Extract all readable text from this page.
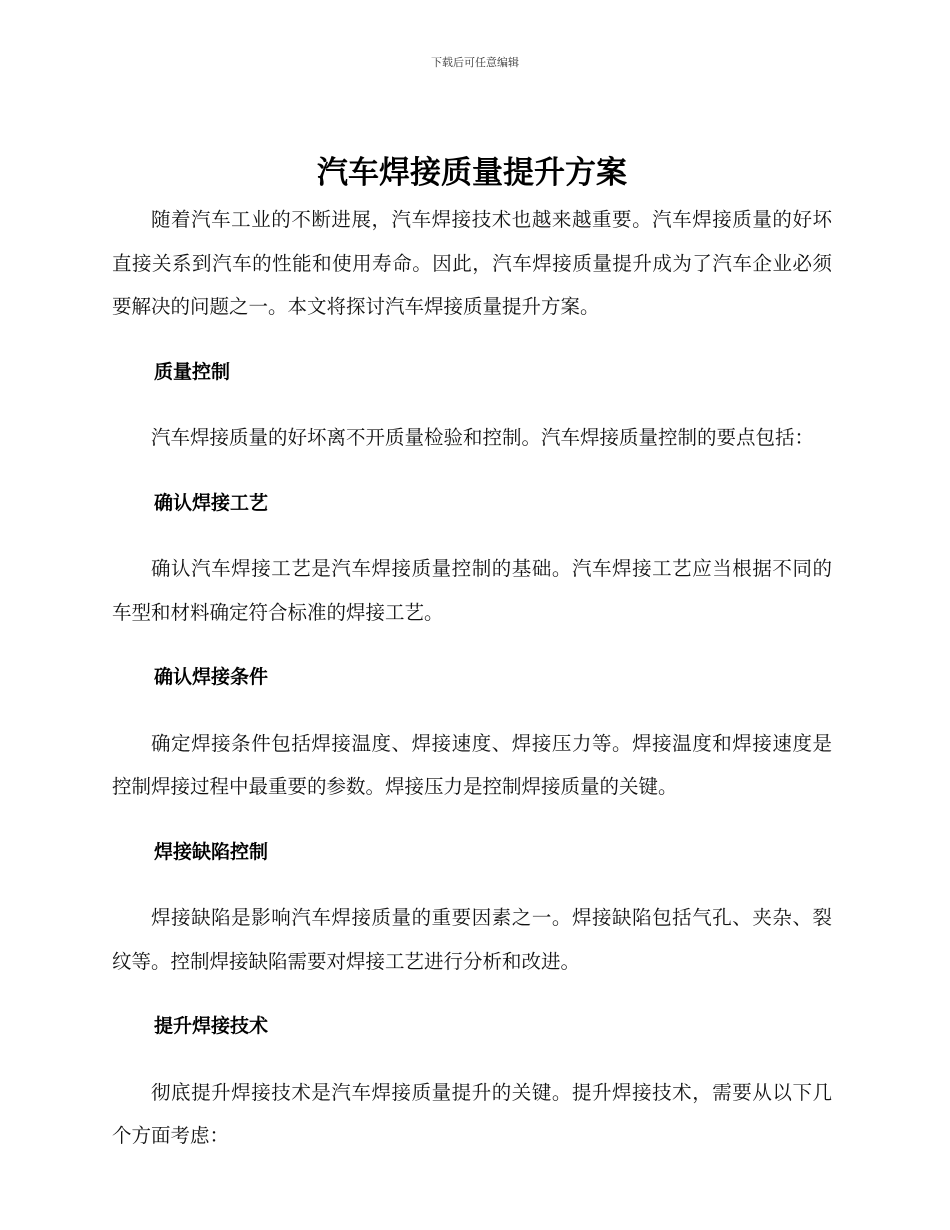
下载后可任意编辑
汽车焊接质量提升方案

随着汽车工业的不断进展，汽车焊接技术也越来越重要。汽车焊接质量的好坏直接关系到汽车的性能和使用寿命。因此，汽车焊接质量提升成为了汽车企业必须要解决的问题之一。本文将探讨汽车焊接质量提升方案。

质量控制

汽车焊接质量的好坏离不开质量检验和控制。汽车焊接质量控制的要点包括：

确认焊接工艺

确认汽车焊接工艺是汽车焊接质量控制的基础。汽车焊接工艺应当根据不同的车型和材料确定符合标准的焊接工艺。

确认焊接条件

确定焊接条件包括焊接温度、焊接速度、焊接压力等。焊接温度和焊接速度是控制焊接过程中最重要的参数。焊接压力是控制焊接质量的关键。

焊接缺陷控制

焊接缺陷是影响汽车焊接质量的重要因素之一。焊接缺陷包括气孔、夹杂、裂纹等。控制焊接缺陷需要对焊接工艺进行分析和改进。

提升焊接技术

彻底提升焊接技术是汽车焊接质量提升的关键。提升焊接技术，需要从以下几个方面考虑：
